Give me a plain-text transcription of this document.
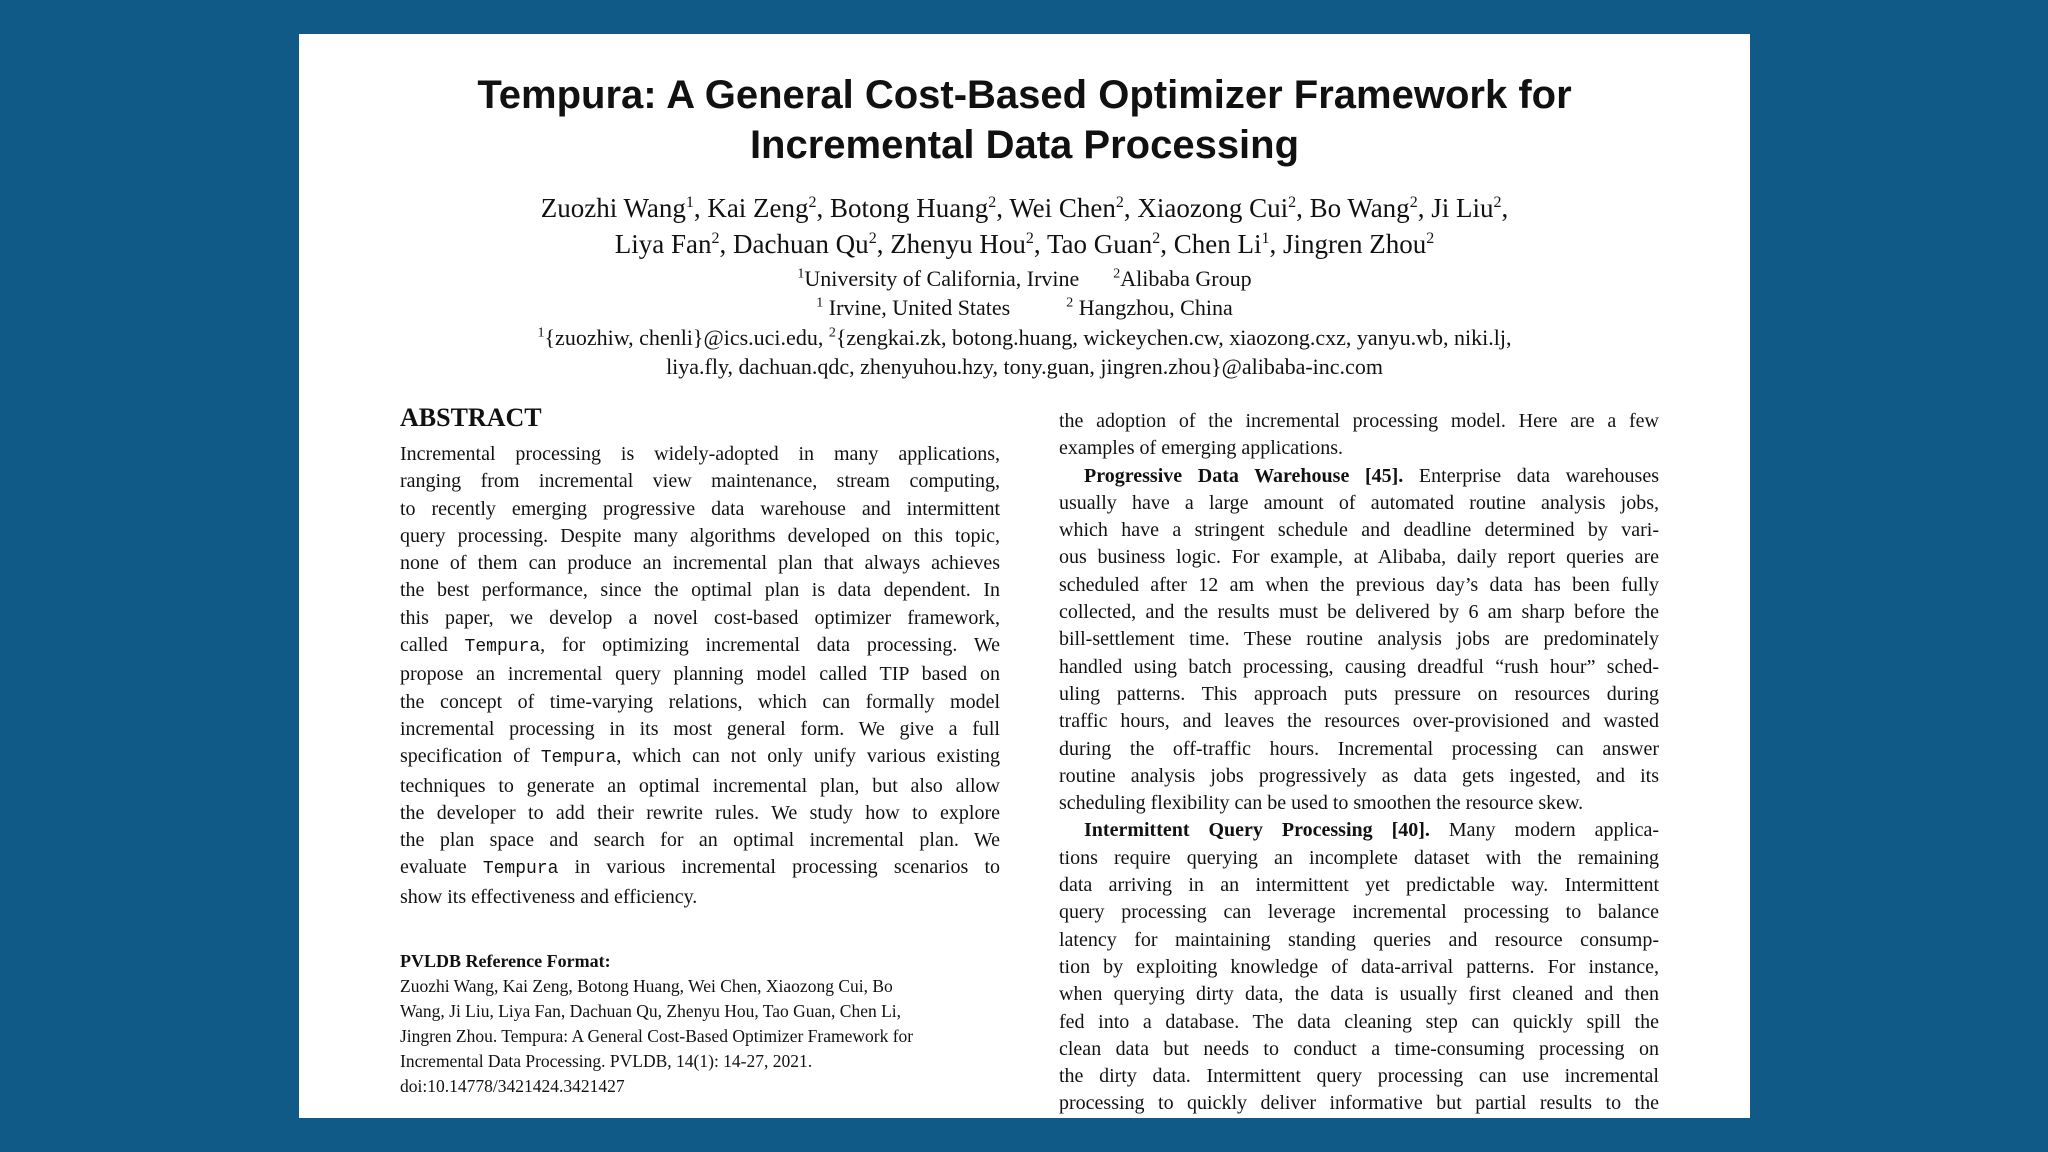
Tempura: A General Cost-Based Optimizer Framework for
Incremental Data Processing
Zuozhi Wang$^1$, Kai Zeng$^2$, Botong Huang$^2$, Wei Chen$^2$, Xiaozong Cui$^2$, Bo Wang$^2$, Ji Liu$^2$,
Liya Fan$^2$, Dachuan Qu$^2$, Zhenyu Hou$^2$, Tao Guan$^2$, Chen Li$^1$, Jingren Zhou$^2$
$^1$University of California, Irvine $^2$Alibaba Group
$^1$ Irvine, United States	$^2$ Hangzhou, China
$^1${zuozhiw, chenli}@ics.uci.edu, $^2${zengkai.zk, botong.huang, wickeychen.cw, xiaozong.cxz, yanyu.wb, niki.lj,
liya.fly, dachuan.qdc, zhenyuhou.hzy, tony.guan, jingren.zhou}@alibaba-inc.com
ABSTRACT
Incremental processing is widely-adopted in many applications,
ranging from incremental view maintenance, stream computing,
to recently emerging progressive data warehouse and intermittent
query processing. Despite many algorithms developed on this topic,
none of them can produce an incremental plan that always achieves
the best performance, since the optimal plan is data dependent. In
this paper, we develop a novel cost-based optimizer framework,
called Tempura, for optimizing incremental data processing. We
propose an incremental query planning model called TIP based on
the concept of time-varying relations, which can formally model
incremental processing in its most general form. We give a full
specification of Tempura, which can not only unify various existing
techniques to generate an optimal incremental plan, but also allow
the developer to add their rewrite rules. We study how to explore
the plan space and search for an optimal incremental plan. We
evaluate Tempura in various incremental processing scenarios to
show its effectiveness and efficiency.
PVLDB Reference Format:
Zuozhi Wang, Kai Zeng, Botong Huang, Wei Chen, Xiaozong Cui, Bo
Wang, Ji Liu, Liya Fan, Dachuan Qu, Zhenyu Hou, Tao Guan, Chen Li,
Jingren Zhou. Tempura: A General Cost-Based Optimizer Framework for
Incremental Data Processing. PVLDB, 14(1): 14-27, 2021.
doi:10.14778/3421424.3421427
the adoption of the incremental processing model. Here are a few
examples of emerging applications.
Progressive Data Warehouse [45]. Enterprise data warehouses
usually have a large amount of automated routine analysis jobs,
which have a stringent schedule and deadline determined by vari-
ous business logic. For example, at Alibaba, daily report queries are
scheduled after 12 am when the previous day’s data has been fully
collected, and the results must be delivered by 6 am sharp before the
bill-settlement time. These routine analysis jobs are predominately
handled using batch processing, causing dreadful “rush hour” sched-
uling patterns. This approach puts pressure on resources during
traffic hours, and leaves the resources over-provisioned and wasted
during the off-traffic hours. Incremental processing can answer
routine analysis jobs progressively as data gets ingested, and its
scheduling flexibility can be used to smoothen the resource skew.
Intermittent Query Processing [40]. Many modern applica-
tions require querying an incomplete dataset with the remaining
data arriving in an intermittent yet predictable way. Intermittent
query processing can leverage incremental processing to balance
latency for maintaining standing queries and resource consump-
tion by exploiting knowledge of data-arrival patterns. For instance,
when querying dirty data, the data is usually first cleaned and then
fed into a database. The data cleaning step can quickly spill the
clean data but needs to conduct a time-consuming processing on
the dirty data. Intermittent query processing can use incremental
processing to quickly deliver informative but partial results to the
